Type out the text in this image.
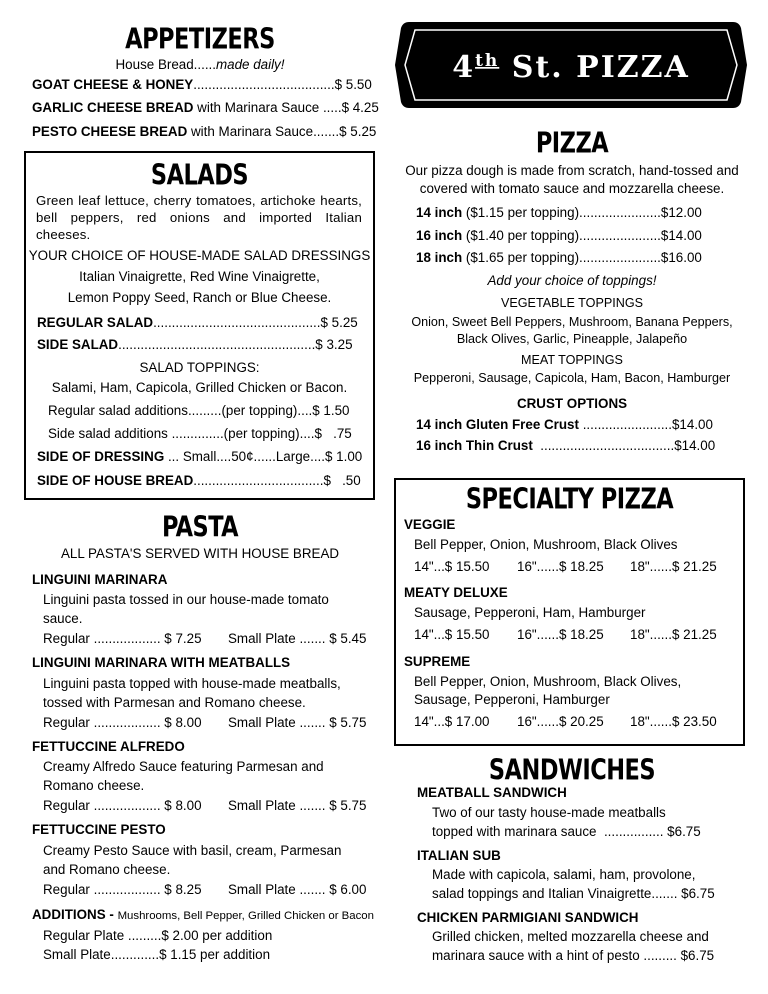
APPETIZERS
House Bread......made daily!
GOAT CHEESE & HONEY......................................$ 5.50
GARLIC CHEESE BREAD with Marinara Sauce .....$ 4.25
PESTO CHEESE BREAD with Marinara Sauce.......$ 5.25
SALADS
Green leaf lettuce, cherry tomatoes, artichoke hearts, bell peppers, red onions and imported Italian cheeses.
YOUR CHOICE OF HOUSE-MADE SALAD DRESSINGS
Italian Vinaigrette, Red Wine Vinaigrette,
Lemon Poppy Seed, Ranch or Blue Cheese.
REGULAR SALAD.............................................$ 5.25
SIDE SALAD.....................................................$ 3.25
SALAD TOPPINGS:
Salami, Ham, Capicola, Grilled Chicken or Bacon.
Regular salad additions.........(per topping)....$ 1.50
Side salad additions ..............(per topping)....$   .75
SIDE OF DRESSING ... Small....50¢......Large....$ 1.00
SIDE OF HOUSE BREAD...................................$   .50
PASTA
ALL PASTA'S SERVED WITH HOUSE BREAD
LINGUINI MARINARA
Linguini pasta tossed in our house-made tomato
sauce.
Regular .................. $ 7.25 Small Plate ....... $ 5.45
LINGUINI MARINARA WITH MEATBALLS
Linguini pasta topped with house-made meatballs,
tossed with Parmesan and Romano cheese.
Regular .................. $ 8.00 Small Plate ....... $ 5.75
FETTUCCINE ALFREDO
Creamy Alfredo Sauce featuring Parmesan and
Romano cheese.
Regular .................. $ 8.00 Small Plate ....... $ 5.75
FETTUCCINE PESTO
Creamy Pesto Sauce with basil, cream, Parmesan
and Romano cheese.
Regular .................. $ 8.25 Small Plate ....... $ 6.00
ADDITIONS - Mushrooms, Bell Pepper, Grilled Chicken or Bacon
Regular Plate .........$ 2.00 per addition
Small Plate.............$ 1.15 per addition
4th St. PIZZA
PIZZA
Our pizza dough is made from scratch, hand-tossed and
covered with tomato sauce and mozzarella cheese.
14 inch ($1.15 per topping)......................$12.00
16 inch ($1.40 per topping)......................$14.00
18 inch ($1.65 per topping)......................$16.00
Add your choice of toppings!
VEGETABLE TOPPINGS
Onion, Sweet Bell Peppers, Mushroom, Banana Peppers,
Black Olives, Garlic, Pineapple, Jalapeño
MEAT TOPPINGS
Pepperoni, Sausage, Capicola, Ham, Bacon, Hamburger
CRUST OPTIONS
14 inch Gluten Free Crust ........................$14.00
16 inch Thin Crust  ....................................$14.00
SPECIALTY PIZZA
VEGGIE
Bell Pepper, Onion, Mushroom, Black Olives
14"...$ 15.50 16"......$ 18.25 18"......$ 21.25
MEATY DELUXE
Sausage, Pepperoni, Ham, Hamburger
14"...$ 15.50 16"......$ 18.25 18"......$ 21.25
SUPREME
Bell Pepper, Onion, Mushroom, Black Olives,
Sausage, Pepperoni, Hamburger
14"...$ 17.00 16"......$ 20.25 18"......$ 23.50
SANDWICHES
MEATBALL SANDWICH
Two of our tasty house-made meatballs
topped with marinara sauce  ................ $6.75
ITALIAN SUB
Made with capicola, salami, ham, provolone,
salad toppings and Italian Vinaigrette....... $6.75
CHICKEN PARMIGIANI SANDWICH
Grilled chicken, melted mozzarella cheese and
marinara sauce with a hint of pesto ......... $6.75
